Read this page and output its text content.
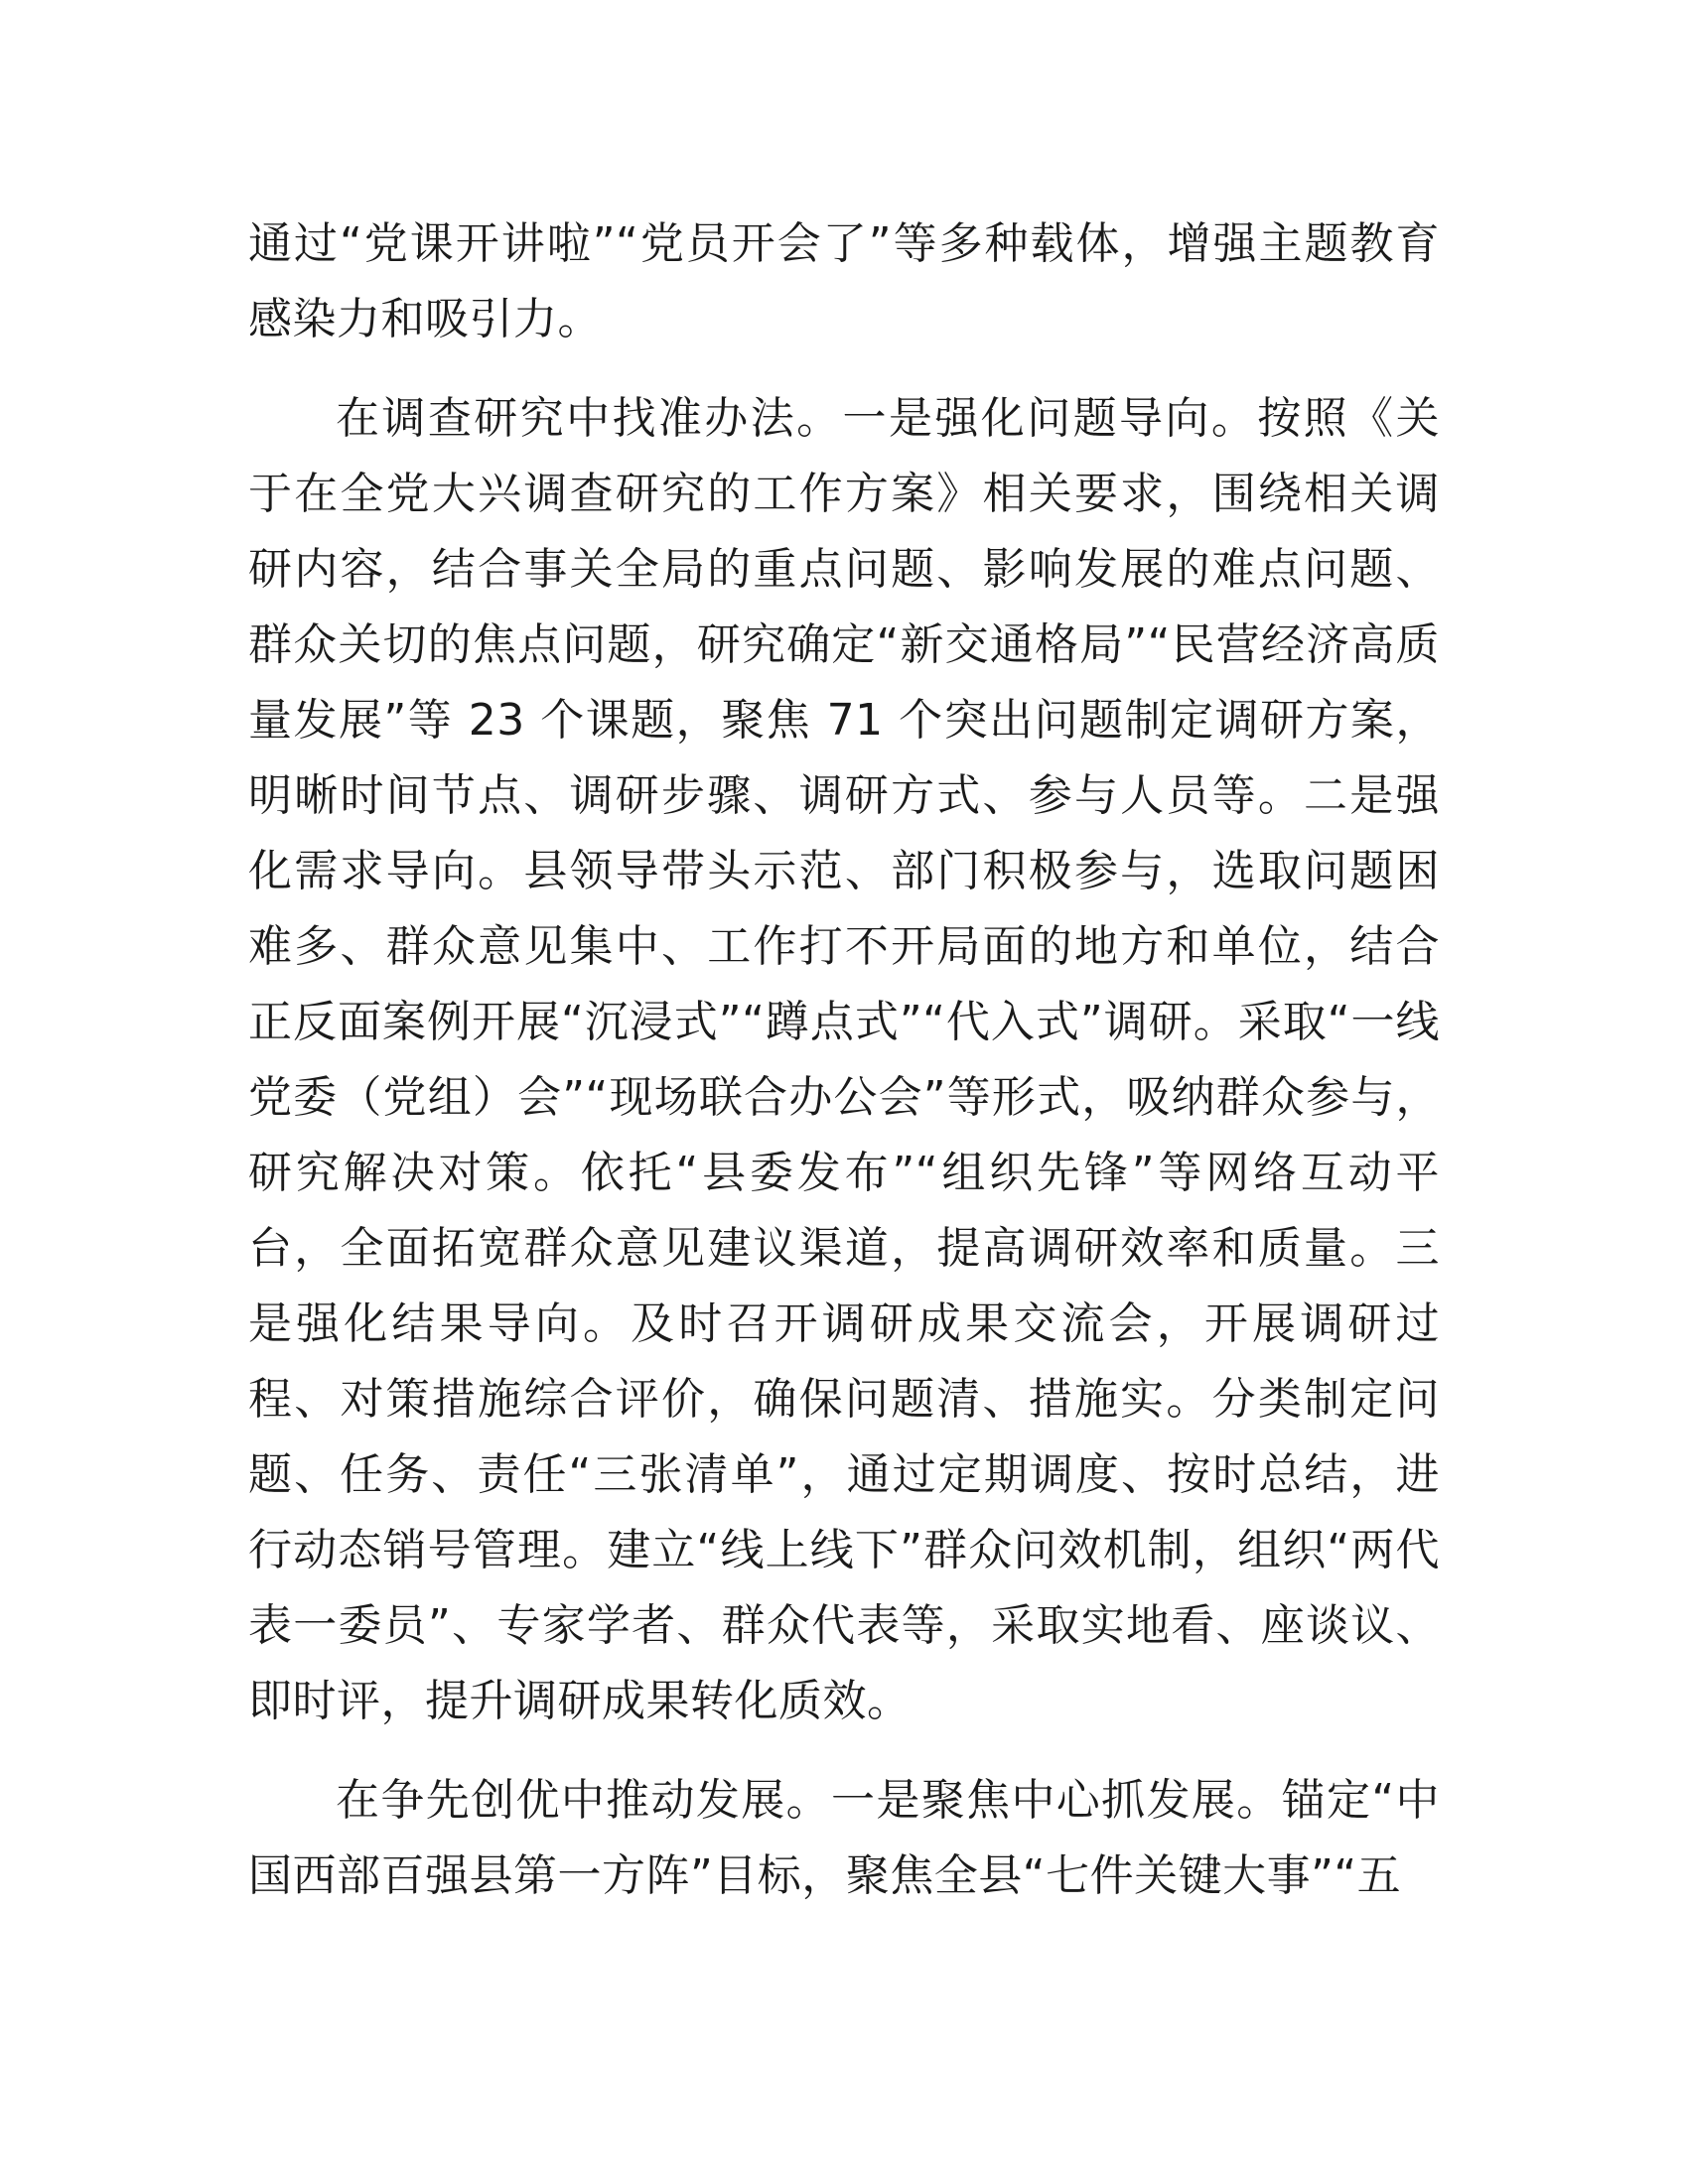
通过“党课开讲啦”“党员开会了”等多种载体，增强主题教育感染力和吸引力。

在调查研究中找准办法。一是强化问题导向。按照《关于在全党大兴调查研究的工作方案》相关要求，围绕相关调研内容，结合事关全局的重点问题、影响发展的难点问题、群众关切的焦点问题，研究确定“新交通格局”“民营经济高质量发展”等 23 个课题，聚焦 71 个突出问题制定调研方案，明晰时间节点、调研步骤、调研方式、参与人员等。二是强化需求导向。县领导带头示范、部门积极参与，选取问题困难多、群众意见集中、工作打不开局面的地方和单位，结合正反面案例开展“沉浸式”“蹲点式”“代入式”调研。采取“一线党委（党组）会”“现场联合办公会”等形式，吸纳群众参与，研究解决对策。依托“县委发布”“组织先锋”等网络互动平台，全面拓宽群众意见建议渠道，提高调研效率和质量。三是强化结果导向。及时召开调研成果交流会，开展调研过程、对策措施综合评价，确保问题清、措施实。分类制定问题、任务、责任“三张清单”，通过定期调度、按时总结，进行动态销号管理。建立“线上线下”群众问效机制，组织“两代表一委员”、专家学者、群众代表等，采取实地看、座谈议、即时评，提升调研成果转化质效。

在争先创优中推动发展。一是聚焦中心抓发展。锚定“中国西部百强县第一方阵”目标，聚焦全县“七件关键大事”“五
